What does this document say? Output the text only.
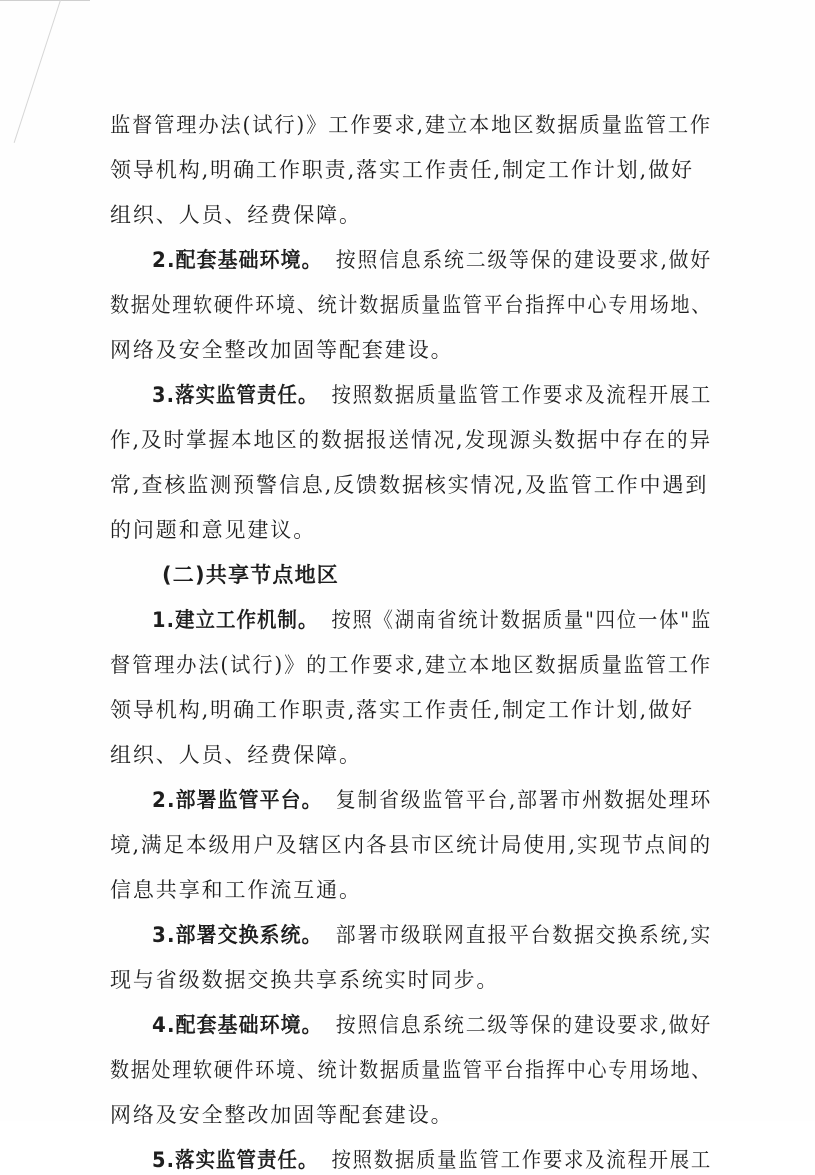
监督管理办法(试行)》工作要求,建立本地区数据质量监管工作
领导机构,明确工作职责,落实工作责任,制定工作计划,做好
组织、人员、经费保障。
2.配套基础环境。 按照信息系统二级等保的建设要求,做好
数据处理软硬件环境、统计数据质量监管平台指挥中心专用场地、
网络及安全整改加固等配套建设。
3.落实监管责任。 按照数据质量监管工作要求及流程开展工
作,及时掌握本地区的数据报送情况,发现源头数据中存在的异
常,查核监测预警信息,反馈数据核实情况,及监管工作中遇到
的问题和意见建议。
(二)共享节点地区
1.建立工作机制。 按照《湖南省统计数据质量"四位一体"监
督管理办法(试行)》的工作要求,建立本地区数据质量监管工作
领导机构,明确工作职责,落实工作责任,制定工作计划,做好
组织、人员、经费保障。
2.部署监管平台。 复制省级监管平台,部署市州数据处理环
境,满足本级用户及辖区内各县市区统计局使用,实现节点间的
信息共享和工作流互通。
3.部署交换系统。 部署市级联网直报平台数据交换系统,实
现与省级数据交换共享系统实时同步。
4.配套基础环境。 按照信息系统二级等保的建设要求,做好
数据处理软硬件环境、统计数据质量监管平台指挥中心专用场地、
网络及安全整改加固等配套建设。
5.落实监管责任。 按照数据质量监管工作要求及流程开展工
